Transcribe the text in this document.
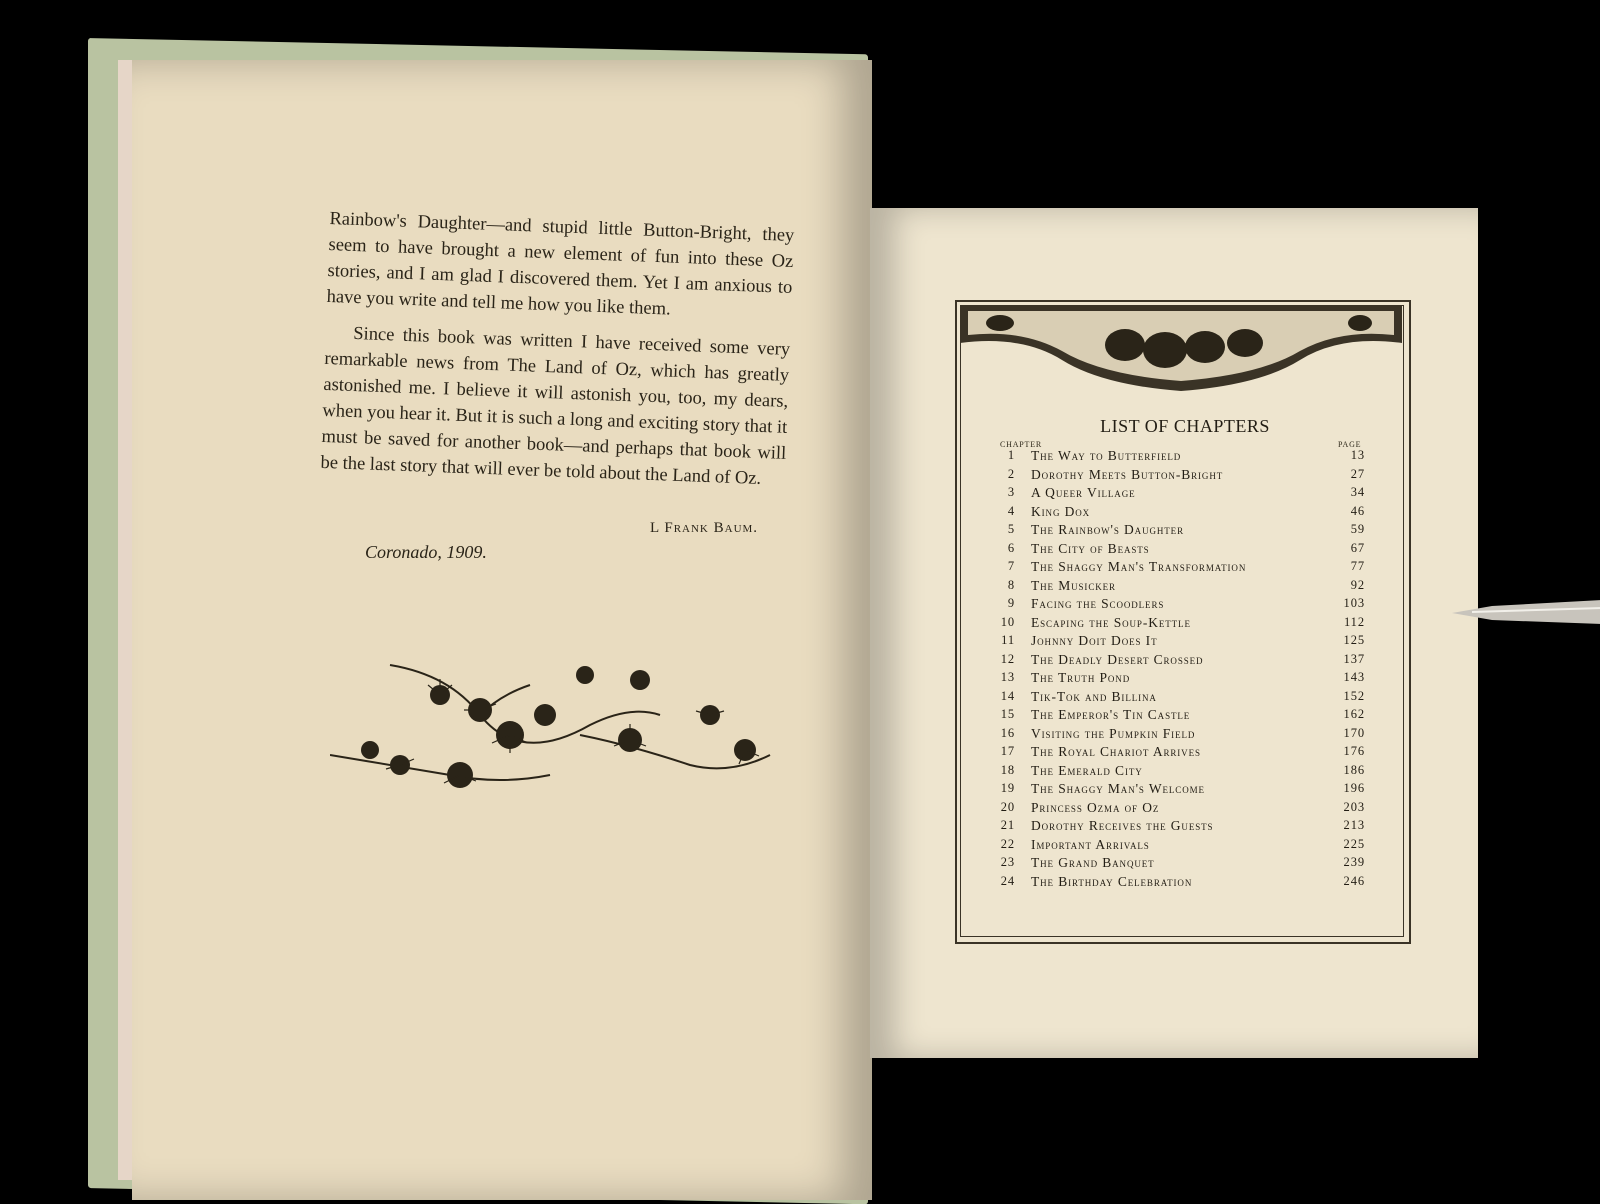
Rainbow's Daughter—and stupid little Button-Bright, they seem to have brought a new element of fun into these Oz stories, and I am glad I discovered them. Yet I am anxious to have you write and tell me how you like them.

Since this book was written I have received some very remarkable news from The Land of Oz, which has greatly astonished me. I believe it will astonish you, too, my dears, when you hear it. But it is such a long and exciting story that it must be saved for another book—and perhaps that book will be the last story that will ever be told about the Land of Oz.

L Frank Baum.
Coronado, 1909.
LIST OF CHAPTERS
CHAPTER	PAGE
1 The Way to Butterfield	13
2 Dorothy Meets Button-Bright	27
3 A Queer Village	34
4 King Dox	46
5 The Rainbow's Daughter	59
6 The City of Beasts	67
7 The Shaggy Man's Transformation	77
8 The Musicker	92
9 Facing the Scoodlers	103
10 Escaping the Soup-Kettle	112
11 Johnny Doit Does It	125
12 The Deadly Desert Crossed	137
13 The Truth Pond	143
14 Tik-Tok and Billina	152
15 The Emperor's Tin Castle	162
16 Visiting the Pumpkin Field	170
17 The Royal Chariot Arrives	176
18 The Emerald City	186
19 The Shaggy Man's Welcome	196
20 Princess Ozma of Oz	203
21 Dorothy Receives the Guests	213
22 Important Arrivals	225
23 The Grand Banquet	239
24 The Birthday Celebration	246
